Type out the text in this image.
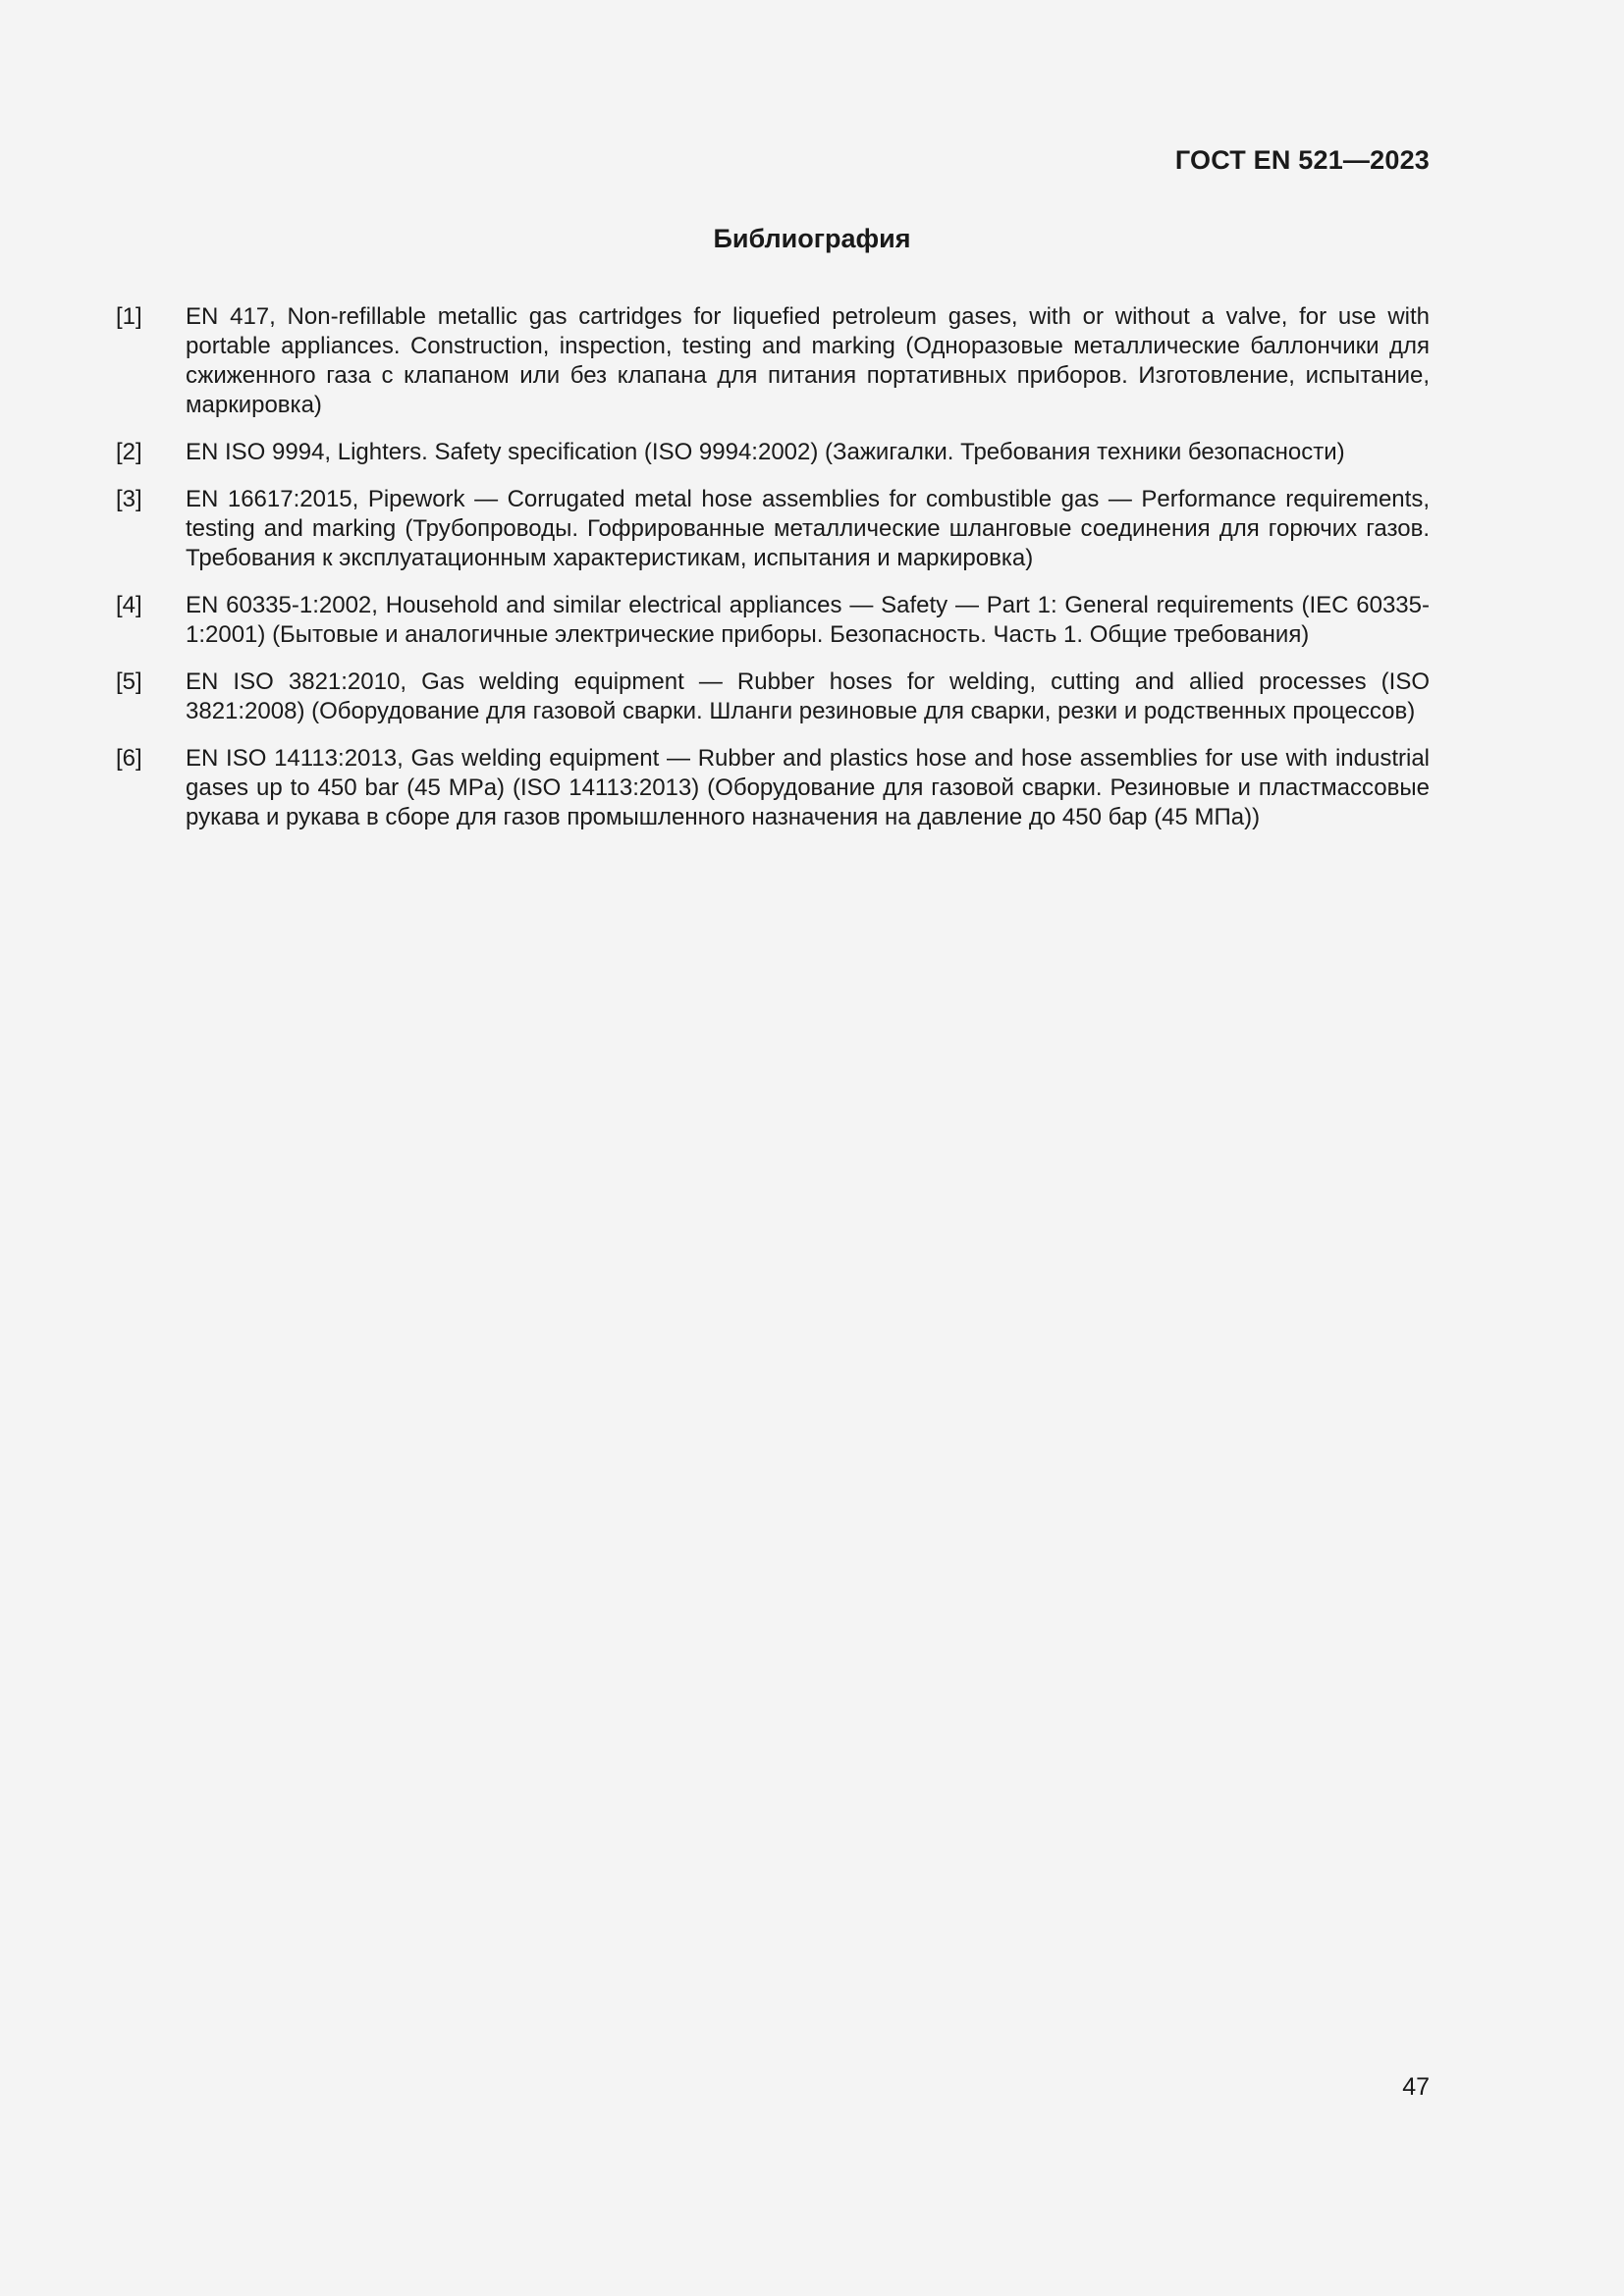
ГОСТ EN 521—2023
Библиография
[1]	EN 417, Non-refillable metallic gas cartridges for liquefied petroleum gases, with or without a valve, for use with portable appliances. Construction, inspection, testing and marking (Одноразовые металлические баллончики для сжиженного газа с клапаном или без клапана для питания портативных приборов. Изготовление, испытание, маркировка)
[2]	EN ISO 9994, Lighters. Safety specification (ISO 9994:2002) (Зажигалки. Требования техники безопасности)
[3]	EN 16617:2015, Pipework — Corrugated metal hose assemblies for combustible gas — Performance requirements, testing and marking (Трубопроводы. Гофрированные металлические шланговые соединения для горючих газов. Требования к эксплуатационным характеристикам, испытания и маркировка)
[4]	EN 60335-1:2002, Household and similar electrical appliances — Safety — Part 1: General requirements (IEC 60335-1:2001) (Бытовые и аналогичные электрические приборы. Безопасность. Часть 1. Общие требования)
[5]	EN ISO 3821:2010, Gas welding equipment — Rubber hoses for welding, cutting and allied processes (ISO 3821:2008) (Оборудование для газовой сварки. Шланги резиновые для сварки, резки и родственных процессов)
[6]	EN ISO 14113:2013, Gas welding equipment — Rubber and plastics hose and hose assemblies for use with industrial gases up to 450 bar (45 MPa) (ISO 14113:2013) (Оборудование для газовой сварки. Резиновые и пластмассовые рукава и рукава в сборе для газов промышленного назначения на давление до 450 бар (45 МПа))
47
